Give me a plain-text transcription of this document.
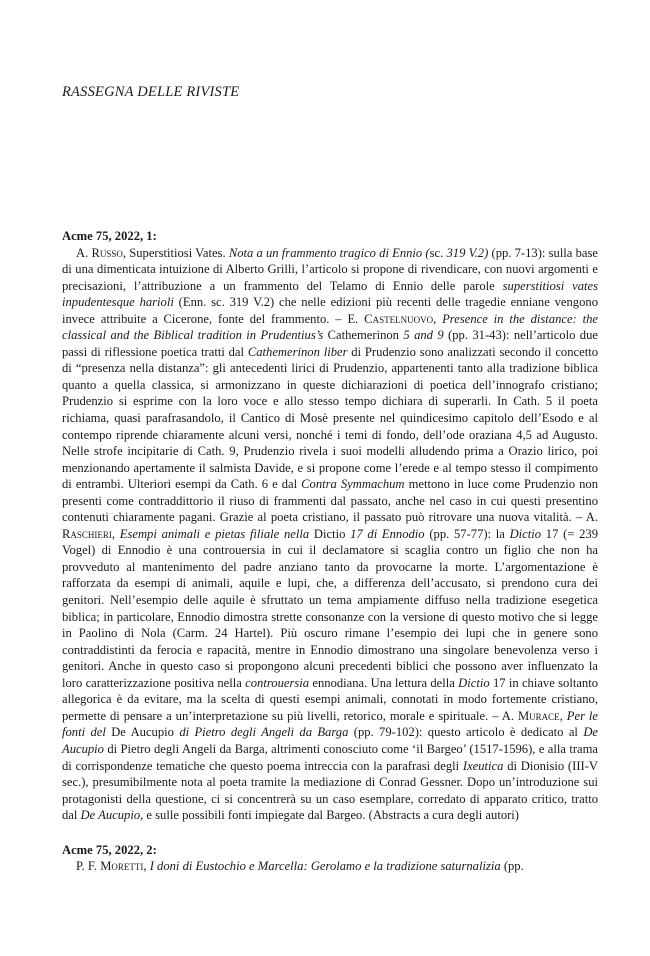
RASSEGNA DELLE RIVISTE
Acme 75, 2022, 1:

A. Russo, Superstitiosi Vates. Nota a un frammento tragico di Ennio (sc. 319 V.2) (pp. 7-13): sulla base di una dimenticata intuizione di Alberto Grilli, l’articolo si propone di rivendicare, con nuovi argomenti e precisazioni, l’attribuzione a un frammento del Telamo di Ennio delle parole superstitiosi vates inpudentesque harioli (Enn. sc. 319 V.2) che nelle edizioni più recenti delle tragedie enniane vengono invece attribuite a Cicerone, fonte del frammento. – E. Castelnuovo, Presence in the distance: the classical and the Biblical tradition in Prudentius’s Cathemerinon 5 and 9 (pp. 31-43): nell’articolo due passi di riflessione poetica tratti dal Cathemerinon liber di Prudenzio sono analizzati secondo il concetto di “presenza nella distanza”: gli antecedenti lirici di Prudenzio, appartenenti tanto alla tradizione biblica quanto a quella classica, si armonizzano in queste dichiarazioni di poetica dell’innografo cristiano; Prudenzio si esprime con la loro voce e allo stesso tempo dichiara di superarli. In Cath. 5 il poeta richiama, quasi parafrasandolo, il Cantico di Mosè presente nel quindicesimo capitolo dell’Esodo e al contempo riprende chiaramente alcuni versi, nonché i temi di fondo, dell’ode oraziana 4,5 ad Augusto. Nelle strofe incipitarie di Cath. 9, Prudenzio rivela i suoi modelli alludendo prima a Orazio lirico, poi menzionando apertamente il salmista Davide, e si propone come l’erede e al tempo stesso il compimento di entrambi. Ulteriori esempi da Cath. 6 e dal Contra Symmachum mettono in luce come Prudenzio non presenti come contraddittorio il riuso di frammenti dal passato, anche nel caso in cui questi presentino contenuti chiaramente pagani. Grazie al poeta cristiano, il passato può ritrovare una nuova vitalità. – A. Raschieri, Esempi animali e pietas filiale nella Dictio 17 di Ennodio (pp. 57-77): la Dictio 17 (= 239 Vogel) di Ennodio è una controuersia in cui il declamatore si scaglia contro un figlio che non ha provveduto al mantenimento del padre anziano tanto da provocarne la morte. L’argomentazione è rafforzata da esempi di animali, aquile e lupi, che, a differenza dell’accusato, si prendono cura dei genitori. Nell’esempio delle aquile è sfruttato un tema ampiamente diffuso nella tradizione esegetica biblica; in particolare, Ennodio dimostra strette consonanze con la versione di questo motivo che si legge in Paolino di Nola (Carm. 24 Hartel). Più oscuro rimane l’esempio dei lupi che in genere sono contraddistinti da ferocia e rapacità, mentre in Ennodio dimostrano una singolare benevolenza verso i genitori. Anche in questo caso si propongono alcuni precedenti biblici che possono aver influenzato la loro caratterizzazione positiva nella controuersia ennodiana. Una lettura della Dictio 17 in chiave soltanto allegorica è da evitare, ma la scelta di questi esempi animali, connotati in modo fortemente cristiano, permette di pensare a un’interpretazione su più livelli, retorico, morale e spirituale. – A. Murace, Per le fonti del De Aucupio di Pietro degli Angeli da Barga (pp. 79-102): questo articolo è dedicato al De Aucupio di Pietro degli Angeli da Barga, altrimenti conosciuto come ‘il Bargeo’ (1517-1596), e alla trama di corrispondenze tematiche che questo poema intreccia con la parafrasi degli Ixeutica di Dionisio (III-V sec.), presumibilmente nota al poeta tramite la mediazione di Conrad Gessner. Dopo un’introduzione sui protagonisti della questione, ci si concentrerà su un caso esemplare, corredato di apparato critico, tratto dal De Aucupio, e sulle possibili fonti impiegate dal Bargeo. (Abstracts a cura degli autori)

Acme 75, 2022, 2:

P. F. Moretti, I doni di Eustochio e Marcella: Gerolamo e la tradizione saturnalizia (pp.
